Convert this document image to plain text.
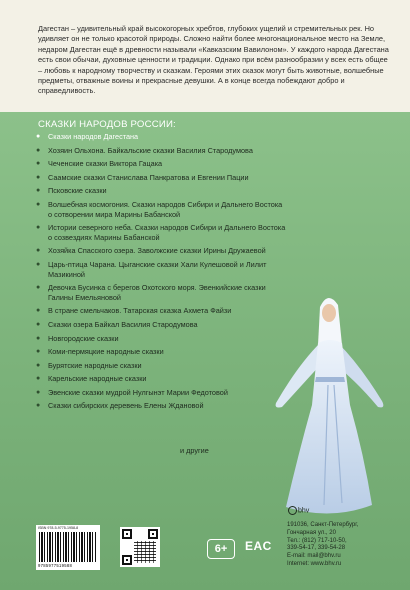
Дагестан – удивительный край высокогорных хребтов, глубоких ущелий и стремительных рек. Но удивляет он не только красотой природы. Сложно найти более многонациональное место на Земле, недаром Дагестан ещё в древности называли «Кавказским Вавилоном». У каждого народа Дагестана есть свои обычаи, духовные ценности и традиции. Однако при всём разнообразии у всех есть общее – любовь к народному творчеству и сказкам. Героями этих сказок могут быть животные, волшебные предметы, отважные воины и прекрасные девушки. А в конце всегда побеждают добро и справедливость.

СКАЗКИ НАРОДОВ РОССИИ:
● Сказки народов Дагестана
● Хозяин Ольхона. Байкальские сказки Василия Стародумова
● Чеченские сказки Виктора Гацака
● Саамские сказки Станислава Панкратова и Евгении Пации
● Псковские сказки
● Волшебная космогония. Сказки народов Сибири и Дальнего Востока о сотворении мира Марины Бабанской
● Истории северного неба. Сказки народов Сибири и Дальнего Востока о созвездиях Марины Бабанской
● Хозяйка Спасского озера. Заволжские сказки Ирины Дружаевой
● Царь-птица Чарана. Цыганские сказки Хали Кулешовой и Лилит Мазикиной
● Девочка Бусинка с берегов Охотского моря. Эвенкийские сказки Галины Емельяновой
● В стране смельчаков. Татарская сказка Ахмета Файзи
● Сказки озера Байкал Василия Стародумова
● Новгородские сказки
● Коми-пермяцкие народные сказки
● Бурятские народные сказки
● Карельские народные сказки
● Эвенские сказки мудрой Нулгынэт Марии Федотовой
● Сказки сибирских деревень Елены Ждановой
и другие
ISBN 978-5-9775-1958-8
9785977519588
6+	EAC
bhv
191036, Санкт-Петербург,
Гончарная ул., 20
Тел.: (812) 717-10-50,
339-54-17, 339-54-28
E-mail: mail@bhv.ru
Internet: www.bhv.ru
